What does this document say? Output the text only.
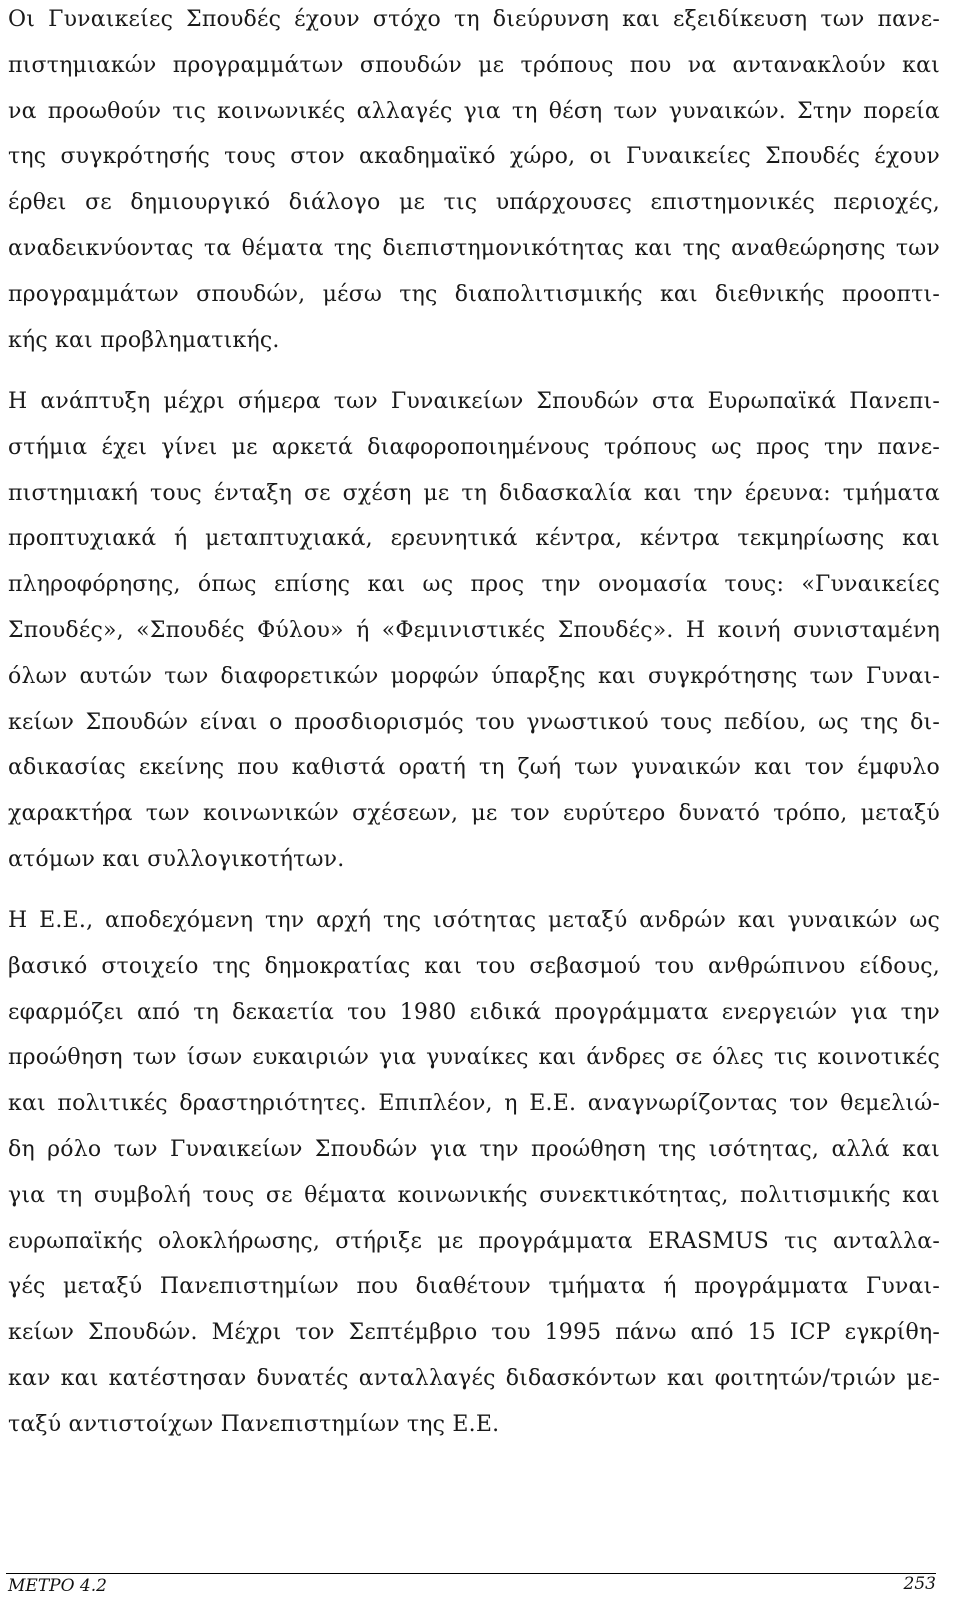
Οι Γυναικείες Σπουδές έχουν στόχο τη διεύρυνση και εξειδίκευση των πανε-
πιστημιακών προγραμμάτων σπουδών με τρόπους που να αντανακλούν και
να προωθούν τις κοινωνικές αλλαγές για τη θέση των γυναικών. Στην πορεία
της συγκρότησής τους στον ακαδημαϊκό χώρο, οι Γυναικείες Σπουδές έχουν
έρθει σε δημιουργικό διάλογο με τις υπάρχουσες επιστημονικές περιοχές,
αναδεικνύοντας τα θέματα της διεπιστημονικότητας και της αναθεώρησης των
προγραμμάτων σπουδών, μέσω της διαπολιτισμικής και διεθνικής προοπτι-
κής και προβληματικής.
Η ανάπτυξη μέχρι σήμερα των Γυναικείων Σπουδών στα Ευρωπαϊκά Πανεπι-
στήμια έχει γίνει με αρκετά διαφοροποιημένους τρόπους ως προς την πανε-
πιστημιακή τους ένταξη σε σχέση με τη διδασκαλία και την έρευνα: τμήματα
προπτυχιακά ή μεταπτυχιακά, ερευνητικά κέντρα, κέντρα τεκμηρίωσης και
πληροφόρησης, όπως επίσης και ως προς την ονομασία τους: «Γυναικείες
Σπουδές», «Σπουδές Φύλου» ή «Φεμινιστικές Σπουδές». Η κοινή συνισταμένη
όλων αυτών των διαφορετικών μορφών ύπαρξης και συγκρότησης των Γυναι-
κείων Σπουδών είναι ο προσδιορισμός του γνωστικού τους πεδίου, ως της δι-
αδικασίας εκείνης που καθιστά ορατή τη ζωή των γυναικών και τον έμφυλο
χαρακτήρα των κοινωνικών σχέσεων, με τον ευρύτερο δυνατό τρόπο, μεταξύ
ατόμων και συλλογικοτήτων.
Η Ε.Ε., αποδεχόμενη την αρχή της ισότητας μεταξύ ανδρών και γυναικών ως
βασικό στοιχείο της δημοκρατίας και του σεβασμού του ανθρώπινου είδους,
εφαρμόζει από τη δεκαετία του 1980 ειδικά προγράμματα ενεργειών για την
προώθηση των ίσων ευκαιριών για γυναίκες και άνδρες σε όλες τις κοινοτικές
και πολιτικές δραστηριότητες. Επιπλέον, η Ε.Ε. αναγνωρίζοντας τον θεμελιώ-
δη ρόλο των Γυναικείων Σπουδών για την προώθηση της ισότητας, αλλά και
για τη συμβολή τους σε θέματα κοινωνικής συνεκτικότητας, πολιτισμικής και
ευρωπαϊκής ολοκλήρωσης, στήριξε με προγράμματα ERASMUS τις ανταλλα-
γές μεταξύ Πανεπιστημίων που διαθέτουν τμήματα ή προγράμματα Γυναι-
κείων Σπουδών. Μέχρι τον Σεπτέμβριο του 1995 πάνω από 15 ICP εγκρίθη-
καν και κατέστησαν δυνατές ανταλλαγές διδασκόντων και φοιτητών/τριών με-
ταξύ αντιστοίχων Πανεπιστημίων της Ε.Ε.
ΜΕΤΡΟ 4.2	253
